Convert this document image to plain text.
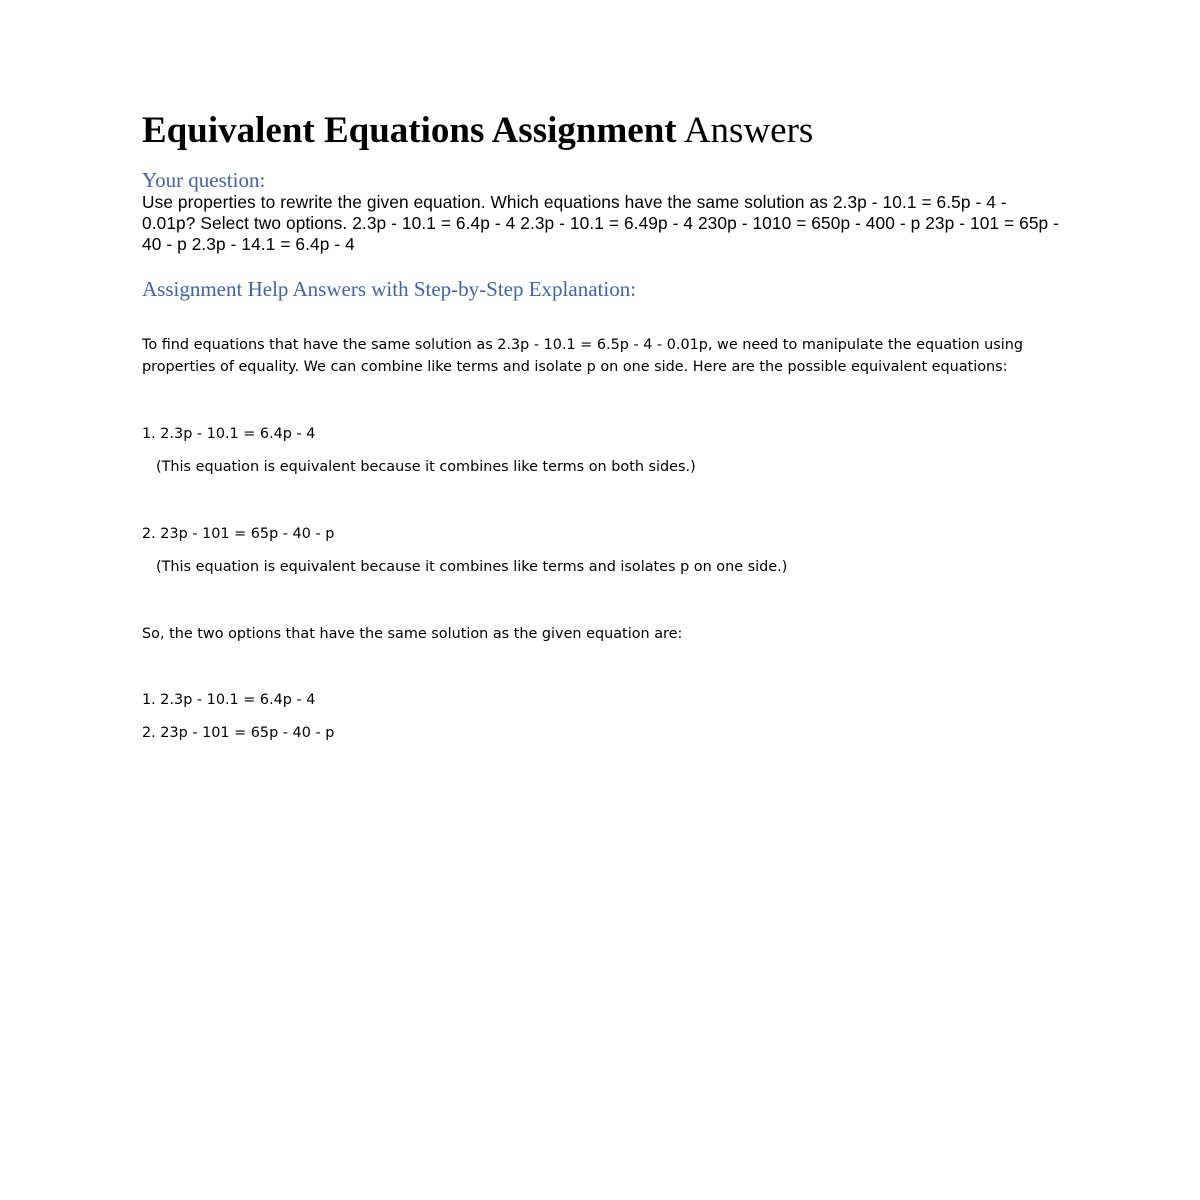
Equivalent Equations Assignment Answers
Your question:

Use properties to rewrite the given equation. Which equations have the same solution as 2.3p - 10.1 = 6.5p - 4 - 0.01p? Select two options. 2.3p - 10.1 = 6.4p - 4 2.3p - 10.1 = 6.49p - 4 230p - 1010 = 650p - 400 - p 23p - 101 = 65p - 40 - p 2.3p - 14.1 = 6.4p - 4

Assignment Help Answers with Step-by-Step Explanation:

To find equations that have the same solution as 2.3p - 10.1 = 6.5p - 4 - 0.01p, we need to manipulate the equation using properties of equality. We can combine like terms and isolate p on one side. Here are the possible equivalent equations:

1. 2.3p - 10.1 = 6.4p - 4

(This equation is equivalent because it combines like terms on both sides.)

2. 23p - 101 = 65p - 40 - p

(This equation is equivalent because it combines like terms and isolates p on one side.)

So, the two options that have the same solution as the given equation are:

1. 2.3p - 10.1 = 6.4p - 4

2. 23p - 101 = 65p - 40 - p
